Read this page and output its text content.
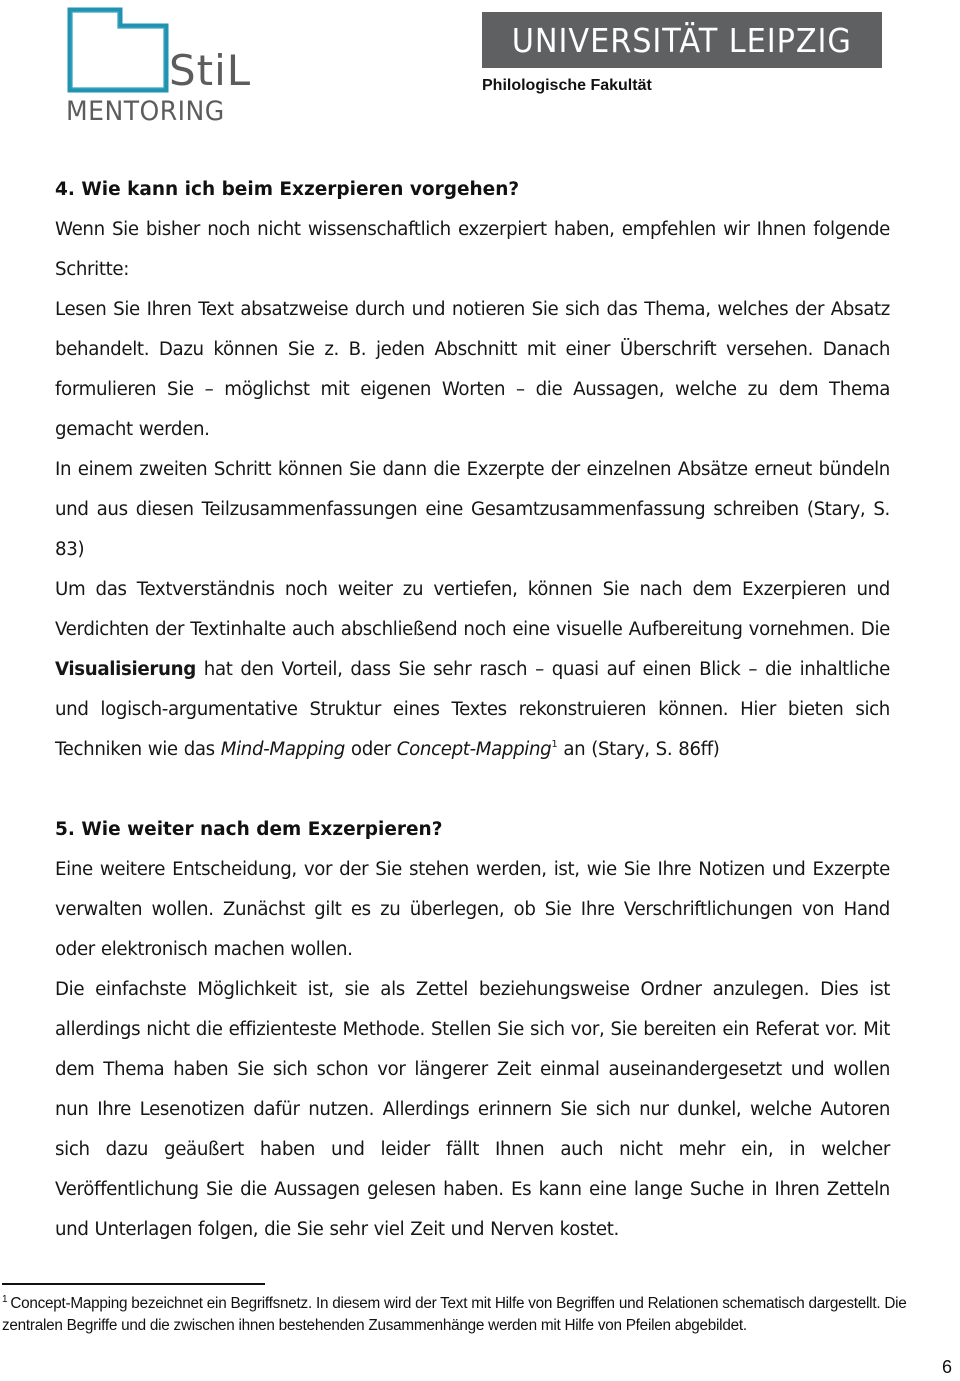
StiL
MENTORING
UNIVERSITÄT LEIPZIG
Philologische Fakultät
4. Wie kann ich beim Exzerpieren vorgehen?

Wenn Sie bisher noch nicht wissenschaftlich exzerpiert haben, empfehlen wir Ihnen folgende Schritte:

Lesen Sie Ihren Text absatzweise durch und notieren Sie sich das Thema, welches der Absatz behandelt. Dazu können Sie z. B. jeden Abschnitt mit einer Überschrift versehen. Danach formulieren Sie – möglichst mit eigenen Worten – die Aussagen, welche zu dem Thema gemacht werden.

In einem zweiten Schritt können Sie dann die Exzerpte der einzelnen Absätze erneut bündeln und aus diesen Teilzusammenfassungen eine Gesamtzusammenfassung schreiben (Stary, S. 83)

Um das Textverständnis noch weiter zu vertiefen, können Sie nach dem Exzerpieren und Verdichten der Textinhalte auch abschließend noch eine visuelle Aufbereitung vornehmen. Die Visualisierung hat den Vorteil, dass Sie sehr rasch – quasi auf einen Blick – die inhaltliche und logisch-argumentative Struktur eines Textes rekonstruieren können. Hier bieten sich Techniken wie das Mind-Mapping oder Concept-Mapping$^1$ an (Stary, S. 86ff)

5. Wie weiter nach dem Exzerpieren?

Eine weitere Entscheidung, vor der Sie stehen werden, ist, wie Sie Ihre Notizen und Exzerpte verwalten wollen. Zunächst gilt es zu überlegen, ob Sie Ihre Verschriftlichungen von Hand oder elektronisch machen wollen.

Die einfachste Möglichkeit ist, sie als Zettel beziehungsweise Ordner anzulegen. Dies ist allerdings nicht die effizienteste Methode. Stellen Sie sich vor, Sie bereiten ein Referat vor. Mit dem Thema haben Sie sich schon vor längerer Zeit einmal auseinandergesetzt und wollen nun Ihre Lesenotizen dafür nutzen. Allerdings erinnern Sie sich nur dunkel, welche Autoren sich dazu geäußert haben und leider fällt Ihnen auch nicht mehr ein, in welcher Veröffentlichung Sie die Aussagen gelesen haben. Es kann eine lange Suche in Ihren Zetteln und Unterlagen folgen, die Sie sehr viel Zeit und Nerven kostet.

$^1$ Concept-Mapping bezeichnet ein Begriffsnetz. In diesem wird der Text mit Hilfe von Begriffen und Relationen schematisch dargestellt. Die zentralen Begriffe und die zwischen ihnen bestehenden Zusammenhänge werden mit Hilfe von Pfeilen abgebildet.
6
